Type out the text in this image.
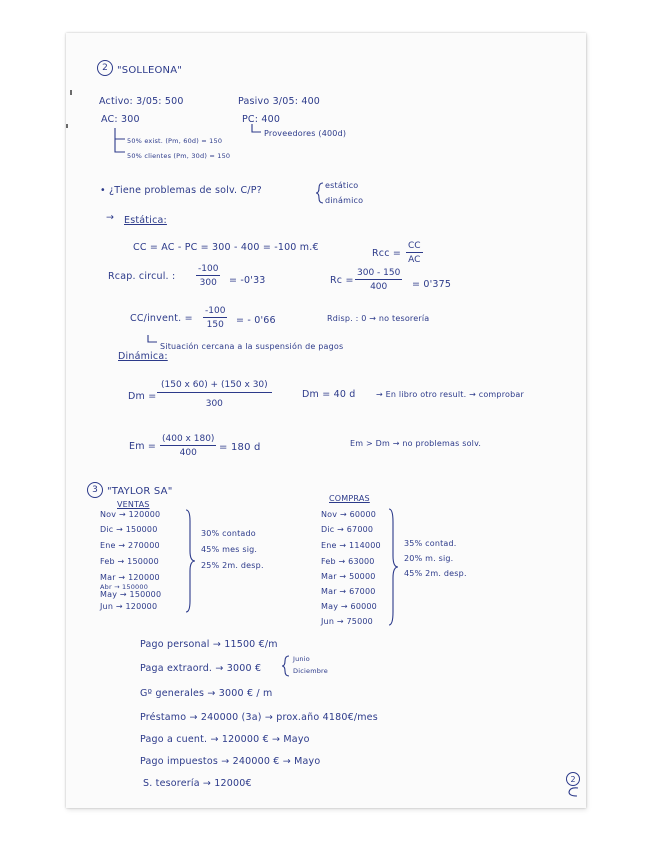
2 "SOLLEONA"
Activo: 3/05: 500	Pasivo 3/05: 400
AC: 300	PC: 400
Proveedores (400d)
50% exist. (Pm, 60d) = 150
50% clientes (Pm, 30d) = 150
• ¿Tiene problemas de solv. C/P?	estático
dinámico
→ Estática:
CC = AC - PC = 300 - 400 = -100 m.€
Rcc = $\frac{CC}{AC}$
Rcap. circul. : $\frac{-100}{300} = -0'33$	$Rc = \frac{300 - 150}{400} = 0'375$
CC/invent. = $\frac{-100}{150}$ = - 0'66	Rdisp. : 0 → no tesorería
Situación cercana a la suspensión de pagos
Dinámica:
$Dm = \frac{(150 x 60) + (150 x 30)}{300}$	Dm = 40 d	→ En libro otro result. → comprobar
$Em = \frac{(400 x 180)}{400} = 180$ d	Em > Dm → no problemas solv.
3 "TAYLOR SA"
VENTAS
Nov → 120000
Dic → 150000
Ene → 270000
Feb → 150000
Mar → 120000
Abr → 150000
May → 150000
Jun → 120000
30% contado
45% mes sig.
25% 2m. desp.
COMPRAS
Nov → 60000
Dic → 67000
Ene → 114000
Feb → 63000
Mar → 50000
Mar → 67000
May → 60000
Jun → 75000
35% contad.
20% m. sig.
45% 2m. desp.
Pago personal → 11500 €/m
Paga extraord. → 3000 €
Junio
Diciembre
Gº generales → 3000 € / m
Préstamo → 240000 (3a) → prox.año 4180€/mes
Pago a cuent. → 120000 € → Mayo
Pago impuestos → 240000 € → Mayo
S. tesorería → 12000€	2
